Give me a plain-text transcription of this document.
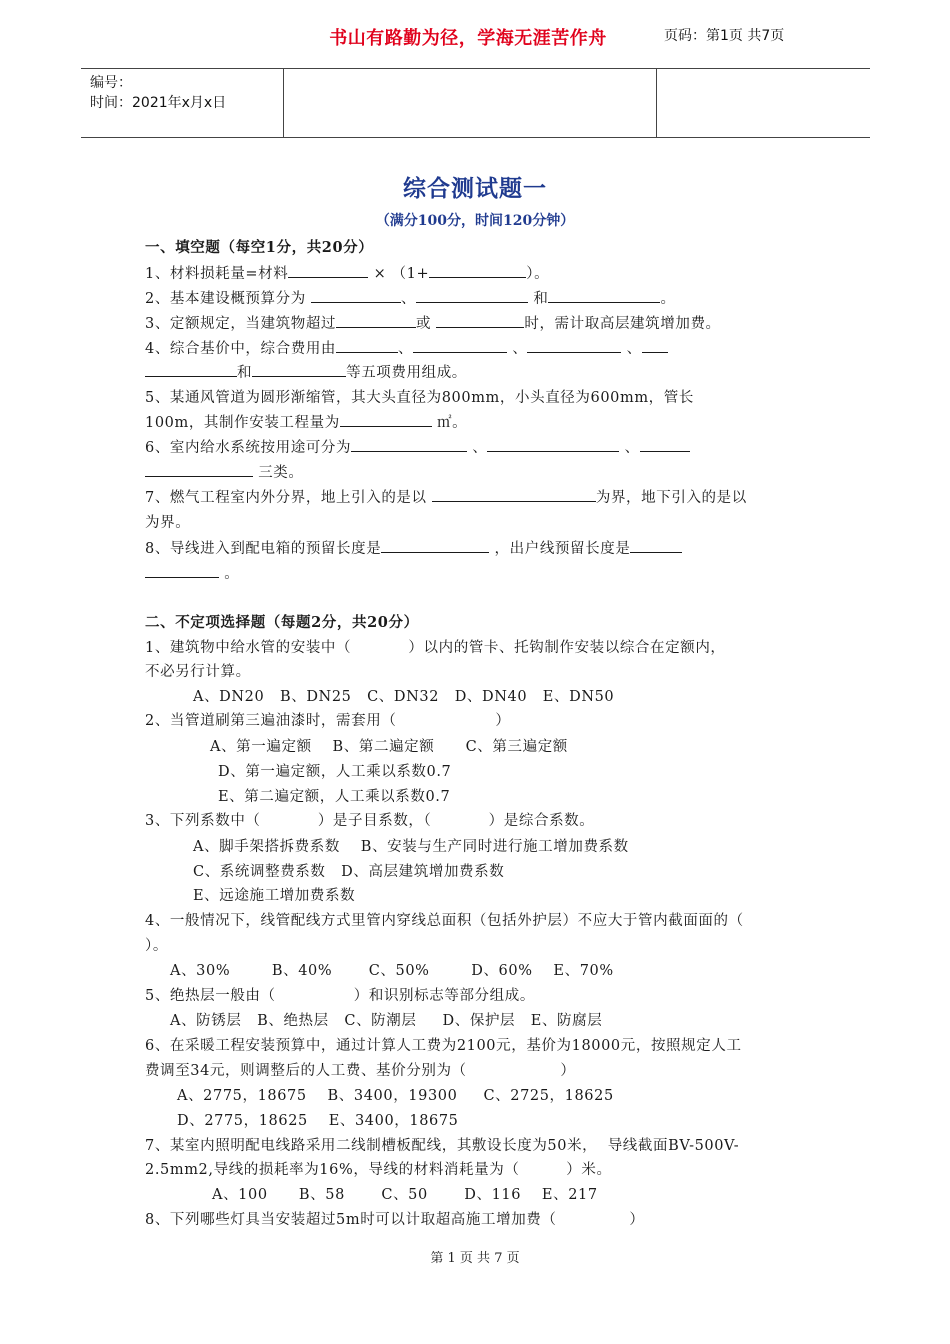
编号：
时间：2021年x月x日
书山有路勤为径，学海无涯苦作舟	页码：第1页 共7页
综合测试题一
（满分100分，时间120分钟）
一、填空题（每空1分，共20分）
1、材料损耗量=材料	× （1+	）。
2、基本建设概预算分为	、	和	。
3、定额规定，当建筑物超过	或	时，需计取高层建筑增加费。
4、综合基价中，综合费用由	、	、	、
和	等五项费用组成。
5、某通风管道为圆形渐缩管，其大头直径为800mm，小头直径为600mm，管长
100m，其制作安装工程量为	㎡。
6、室内给水系统按用途可分为	、	、
三类。
7、燃气工程室内外分界，地上引入的是以	为界，地下引入的是以
为界。
8、导线进入到配电箱的预留长度是	，出户线预留长度是
。
二、不定项选择题（每题2分，共20分）
1、建筑物中给水管的安装中（           ）以内的管卡、托钩制作安装以综合在定额内，
不必另行计算。
A、DN20   B、DN25   C、DN32   D、DN40   E、DN50
2、当管道刷第三遍油漆时，需套用（                   ）
A、第一遍定额    B、第二遍定额      C、第三遍定额
D、第一遍定额，人工乘以系数0.7
E、第二遍定额，人工乘以系数0.7
3、下列系数中（           ）是子目系数，（           ）是综合系数。
A、脚手架搭拆费系数    B、安装与生产同时进行施工增加费系数
C、系统调整费系数   D、高层建筑增加费系数
E、远途施工增加费系数
4、一般情况下，线管配线方式里管内穿线总面积（包括外护层）不应大于管内截面面的（
）。
A、30%        B、40%       C、50%        D、60%    E、70%
5、绝热层一般由（               ）和识别标志等部分组成。
A、防锈层   B、绝热层   C、防潮层     D、保护层   E、防腐层
6、在采暖工程安装预算中，通过计算人工费为2100元，基价为18000元，按照规定人工
费调至34元，则调整后的人工费、基价分别为（                  ）
A、2775，18675    B、3400，19300     C、2725，18625
D、2775，18625    E、3400，18675
7、某室内照明配电线路采用二线制槽板配线，其敷设长度为50米，  导线截面BV-500V-
2.5mm2,导线的损耗率为16%，导线的材料消耗量为（         ）米。
A、100      B、58       C、50       D、116    E、217
8、下列哪些灯具当安装超过5m时可以计取超高施工增加费（              ）
第 1 页 共 7 页
